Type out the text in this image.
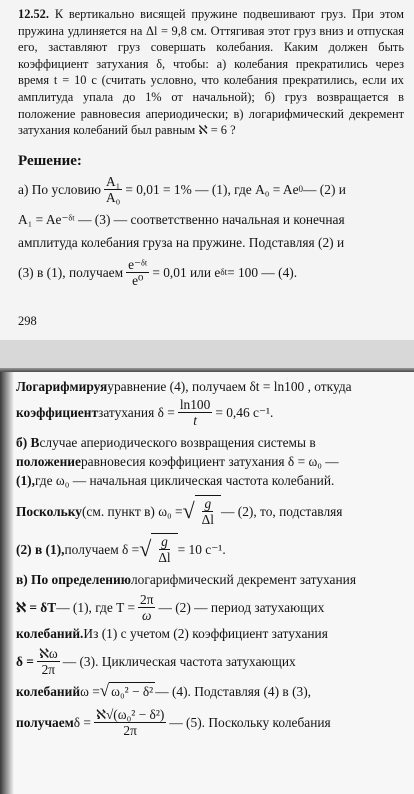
12.52. К вертикально висящей пружине подвешивают груз. При этом пружина удлиняется на Δl = 9,8 см. Оттягивая этот груз вниз и отпуская его, заставляют груз совершать колебания. Каким должен быть коэффициент затухания δ, чтобы: а) колебания прекратились через время t = 10 с (считать условно, что колебания прекратились, если их амплитуда упала до 1% от начальной); б) груз возвращается в положение равновесия апериодически; в) логарифмический декремент затухания колебаний был равным ℵ = 6 ?

Решение:

а) По условию $\frac{\text{A₁}}{\text{A₀}} = 0,01 = 1\%$ — (1), где A₀ = Ae 0 — (2) и

A₁ = Ae⁻ᵟᵗ — (3) — соответственно начальная и конечная

амплитуда колебания груза на пружине. Подставляя (2) и

(3) в (1), получаем $\frac{\text{e⁻ᵟᵗ}}{\text{e⁰}} = 0,01$ или e δt = 100 — (4).

298

Логарифмируя уравнение (4), получаем δt = ln100 , откуда

коэффициент затухания $\delta = \frac{\ln 100}{t} = 0,46$ с⁻¹.

б) В случае апериодического возвращения системы в

положение равновесия коэффициент затухания δ = ω₀ —

(1), где ω₀ — начальная циклическая частота колебаний.

Поскольку (см. пункт в) ω₀ = √ $\frac{g}{\Delta l}$ — (2), то, подставляя

(2) в (1), получаем δ = √ $\frac{g}{\Delta l} = 10$ с⁻¹.

в) По определению логарифмический декремент затухания

ℵ = δT — (1), где $T = \frac{2\pi}{\omega}$ — (2) — период затухающих

колебаний. Из (1) с учетом (2) коэффициент затухания

$\delta = \frac{\text{ℵω}}{2\pi}$ — (3). Циклическая частота затухающих

колебаний ω = √ ω₀² − δ² — (4). Подставляя (4) в (3),

получаем $\delta = \frac{\text{ℵ√(ω₀² − δ²)}}{2\pi}$ — (5). Поскольку колебания
